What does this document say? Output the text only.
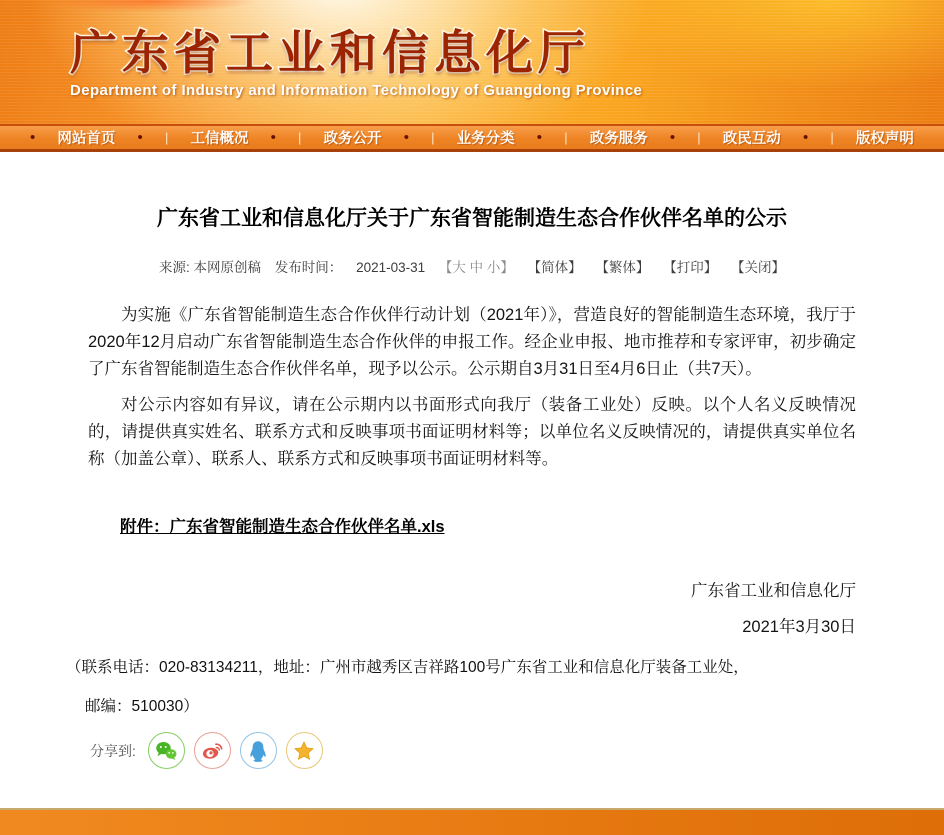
广东省工业和信息化厅
Department of Industry and Information Technology of Guangdong Province
• 网站首页 • | 工信概况 • | 政务公开 • | 业务分类 • | 政务服务 • | 政民互动 • | 版权声明
广东省工业和信息化厅关于广东省智能制造生态合作伙伴名单的公示
来源: 本网原创稿 发布时间： 2021-03-31 【大 中 小】 【简体】 【繁体】 【打印】 【关闭】
为实施《广东省智能制造生态合作伙伴行动计划（2021年）》，营造良好的智能制造生态环境，我厅于2020年12月启动广东省智能制造生态合作伙伴的申报工作。经企业申报、地市推荐和专家评审，初步确定了广东省智能制造生态合作伙伴名单，现予以公示。公示期自3月31日至4月6日止（共7天）。
对公示内容如有异议，请在公示期内以书面形式向我厅（装备工业处）反映。以个人名义反映情况的，请提供真实姓名、联系方式和反映事项书面证明材料等；以单位名义反映情况的，请提供真实单位名称（加盖公章）、联系人、联系方式和反映事项书面证明材料等。
附件：广东省智能制造生态合作伙伴名单.xls
广东省工业和信息化厅
2021年3月30日
（联系电话：020-83134211，地址：广州市越秀区吉祥路100号广东省工业和信息化厅装备工业处，
邮编：510030）
分享到:
